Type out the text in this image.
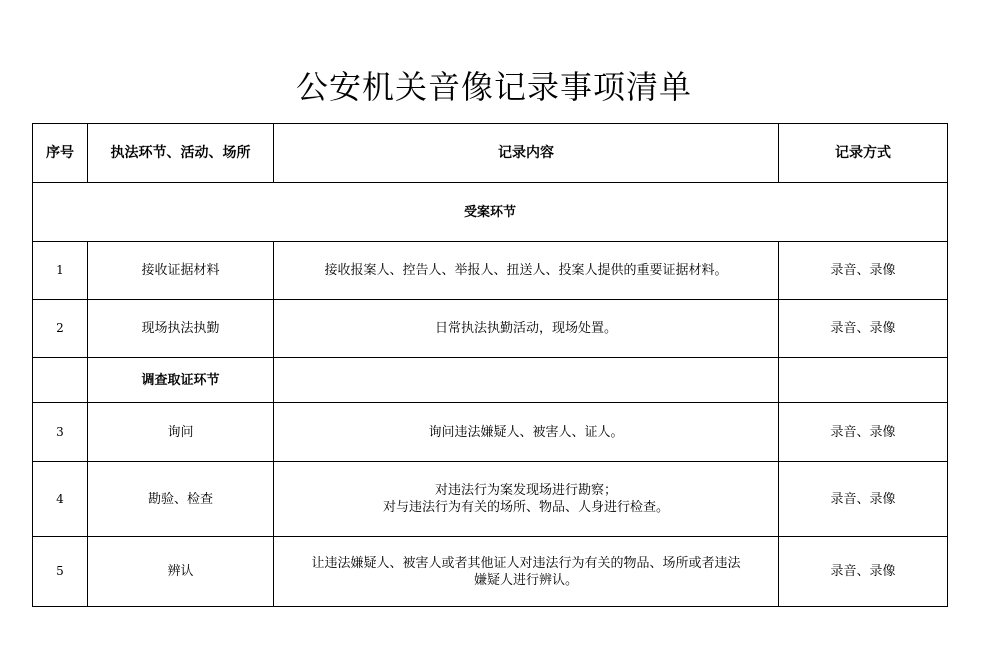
公安机关音像记录事项清单
序号	执法环节、活动、场所	记录内容	记录方式
受案环节			
1	接收证据材料	接收报案人、控告人、举报人、扭送人、投案人提供的重要证据材料。	录音、录像
2	现场执法执勤	日常执法执勤活动，现场处置。	录音、录像
	调查取证环节		
3	询问	询问违法嫌疑人、被害人、证人。	录音、录像
4	勘验、检查	对违法行为案发现场进行勘察；
对与违法行为有关的场所、物品、人身进行检查。	录音、录像
5	辨认	让违法嫌疑人、被害人或者其他证人对违法行为有关的物品、场所或者违法
嫌疑人进行辨认。	录音、录像
